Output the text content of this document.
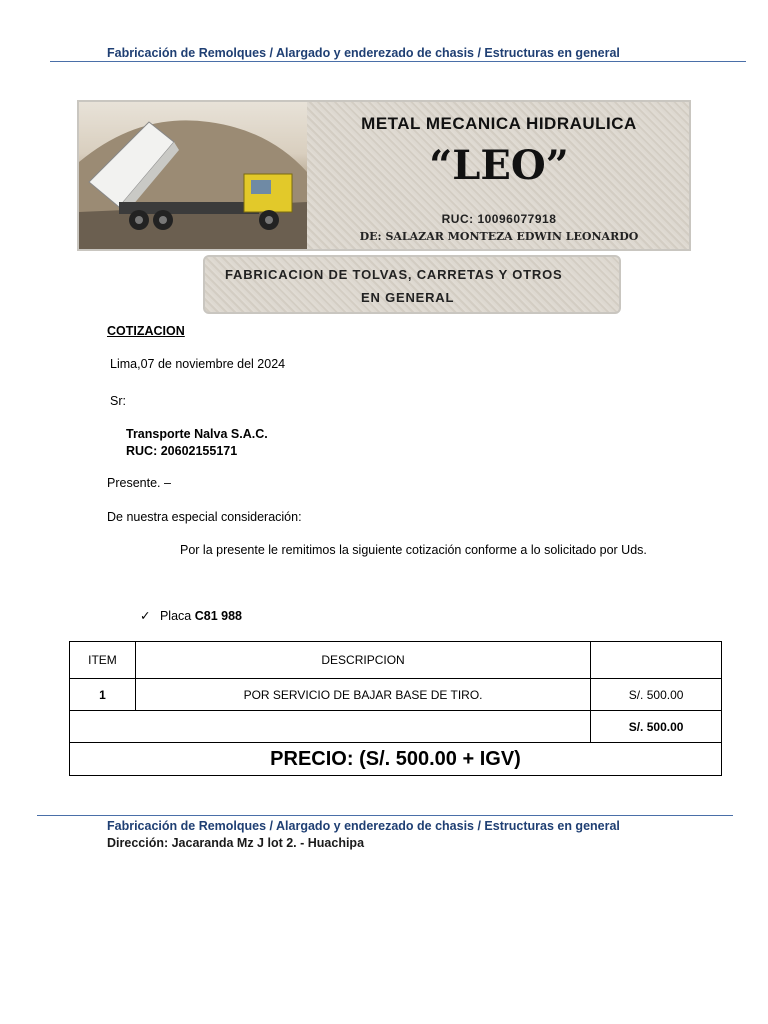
Fabricación de Remolques / Alargado y enderezado de chasis / Estructuras en general
METAL MECANICA HIDRAULICA
“LEO”
RUC: 10096077918
DE: SALAZAR MONTEZA EDWIN LEONARDO
FABRICACION DE TOLVAS, CARRETAS Y OTROS
EN GENERAL
COTIZACION
Lima,07 de noviembre del 2024
Sr:
Transporte Nalva S.A.C.
RUC: 20602155171
Presente. –
De nuestra especial consideración:
Por la presente le remitimos la siguiente cotización conforme a lo solicitado por Uds.
✓ Placa C81 988
ITEM	DESCRIPCION	
1	POR SERVICIO DE BAJAR BASE DE TIRO.	S/. 500.00
		S/. 500.00
PRECIO: (S/. 500.00 + IGV)		
Fabricación de Remolques / Alargado y enderezado de chasis / Estructuras en general
Dirección: Jacaranda Mz J lot 2. - Huachipa
